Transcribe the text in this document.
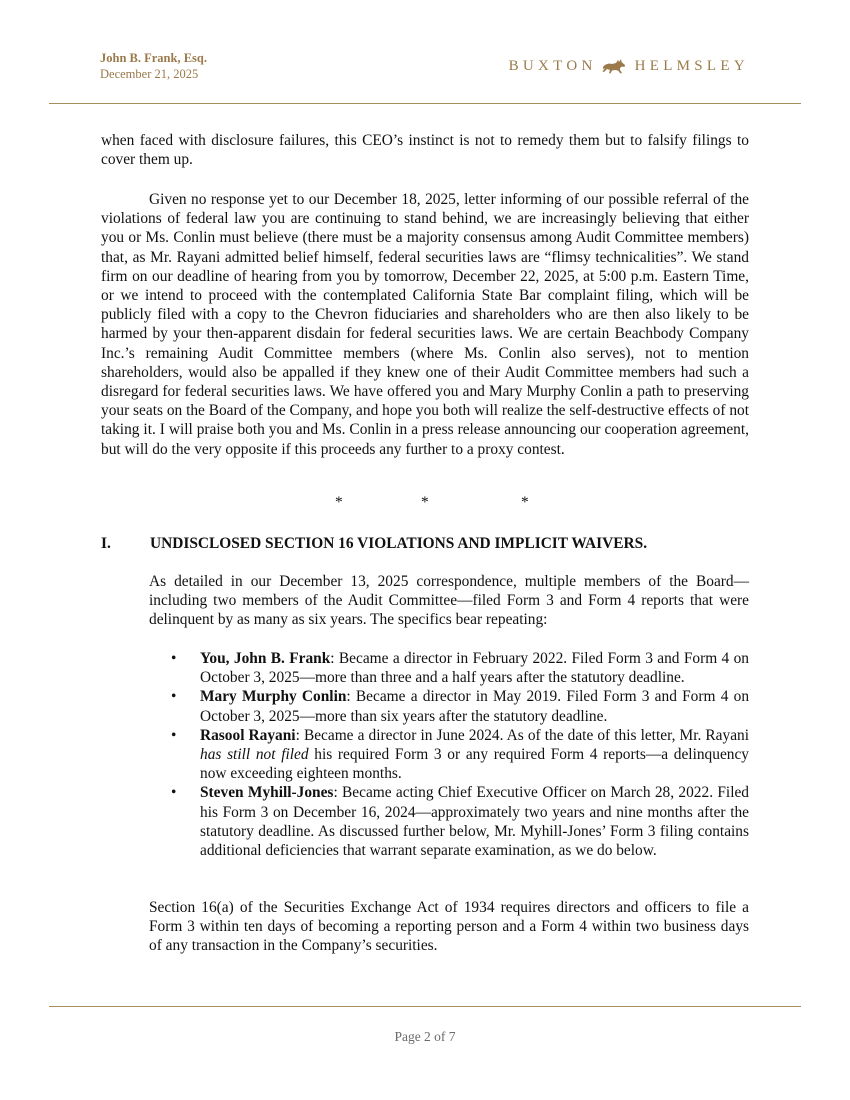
John B. Frank, Esq.
December 21, 2025	BUXTON	HELMSLEY
when faced with disclosure failures, this CEO’s instinct is not to remedy them but to falsify filings to cover them up.
Given no response yet to our December 18, 2025, letter informing of our possible referral of the violations of federal law you are continuing to stand behind, we are increasingly believing that either you or Ms. Conlin must believe (there must be a majority consensus among Audit Committee members) that, as Mr. Rayani admitted belief himself, federal securities laws are “flimsy technicalities”. We stand firm on our deadline of hearing from you by tomorrow, December 22, 2025, at 5:00 p.m. Eastern Time, or we intend to proceed with the contemplated California State Bar complaint filing, which will be publicly filed with a copy to the Chevron fiduciaries and shareholders who are then also likely to be harmed by your then-apparent disdain for federal securities laws. We are certain Beachbody Company Inc.’s remaining Audit Committee members (where Ms. Conlin also serves), not to mention shareholders, would also be appalled if they knew one of their Audit Committee members had such a disregard for federal securities laws. We have offered you and Mary Murphy Conlin a path to preserving your seats on the Board of the Company, and hope you both will realize the self-destructive effects of not taking it. I will praise both you and Ms. Conlin in a press release announcing our cooperation agreement, but will do the very opposite if this proceeds any further to a proxy contest.
*	*	*
I.	UNDISCLOSED SECTION 16 VIOLATIONS AND IMPLICIT WAIVERS.
As detailed in our December 13, 2025 correspondence, multiple members of the Board—including two members of the Audit Committee—filed Form 3 and Form 4 reports that were delinquent by as many as six years. The specifics bear repeating:
• You, John B. Frank: Became a director in February 2022. Filed Form 3 and Form 4 on October 3, 2025—more than three and a half years after the statutory deadline.
• Mary Murphy Conlin: Became a director in May 2019. Filed Form 3 and Form 4 on October 3, 2025—more than six years after the statutory deadline.
• Rasool Rayani: Became a director in June 2024. As of the date of this letter, Mr. Rayani has still not filed his required Form 3 or any required Form 4 reports—a delinquency now exceeding eighteen months.
• Steven Myhill-Jones: Became acting Chief Executive Officer on March 28, 2022. Filed his Form 3 on December 16, 2024—approximately two years and nine months after the statutory deadline. As discussed further below, Mr. Myhill-Jones’ Form 3 filing contains additional deficiencies that warrant separate examination, as we do below.
Section 16(a) of the Securities Exchange Act of 1934 requires directors and officers to file a Form 3 within ten days of becoming a reporting person and a Form 4 within two business days of any transaction in the Company’s securities.
Page 2 of 7
